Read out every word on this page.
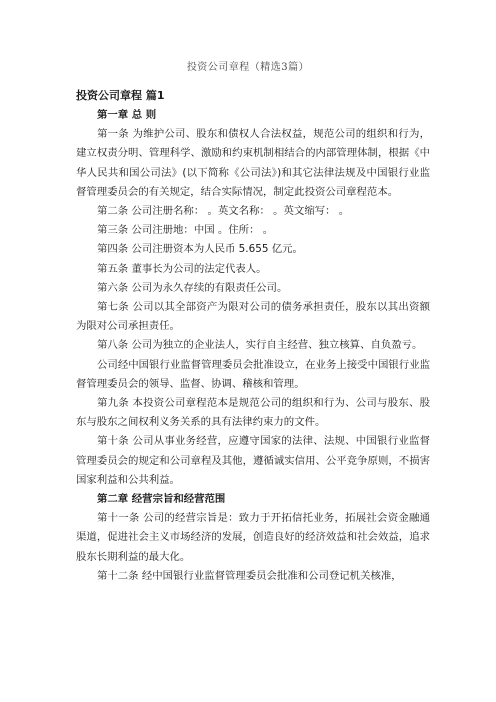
投资公司章程（精选3篇）
投资公司章程 篇1

第一章 总 则

第一条 为维护公司、股东和债权人合法权益，规范公司的组织和行为，建立权责分明、管理科学、激励和约束机制相结合的内部管理体制，根据《中华人民共和国公司法》(以下简称《公司法》)和其它法律法规及中国银行业监督管理委员会的有关规定，结合实际情况，制定此投资公司章程范本。

第二条 公司注册名称： 。英文名称： 。英文缩写： 。

第三条 公司注册地：中国 。住所： 。

第四条 公司注册资本为人民币 5.655 亿元。

第五条 董事长为公司的法定代表人。

第六条 公司为永久存续的有限责任公司。

第七条 公司以其全部资产为限对公司的债务承担责任，股东以其出资额为限对公司承担责任。

第八条 公司为独立的企业法人，实行自主经营、独立核算、自负盈亏。

公司经中国银行业监督管理委员会批准设立，在业务上接受中国银行业监督管理委员会的领导、监督、协调、稽核和管理。

第九条 本投资公司章程范本是规范公司的组织和行为、公司与股东、股东与股东之间权利义务关系的具有法律约束力的文件。

第十条 公司从事业务经营，应遵守国家的法律、法规、中国银行业监督管理委员会的规定和公司章程及其他，遵循诚实信用、公平竞争原则，不损害国家利益和公共利益。

第二章 经营宗旨和经营范围

第十一条 公司的经营宗旨是：致力于开拓信托业务，拓展社会资金融通渠道，促进社会主义市场经济的发展，创造良好的经济效益和社会效益，追求股东长期利益的最大化。

第十二条 经中国银行业监督管理委员会批准和公司登记机关核准，
